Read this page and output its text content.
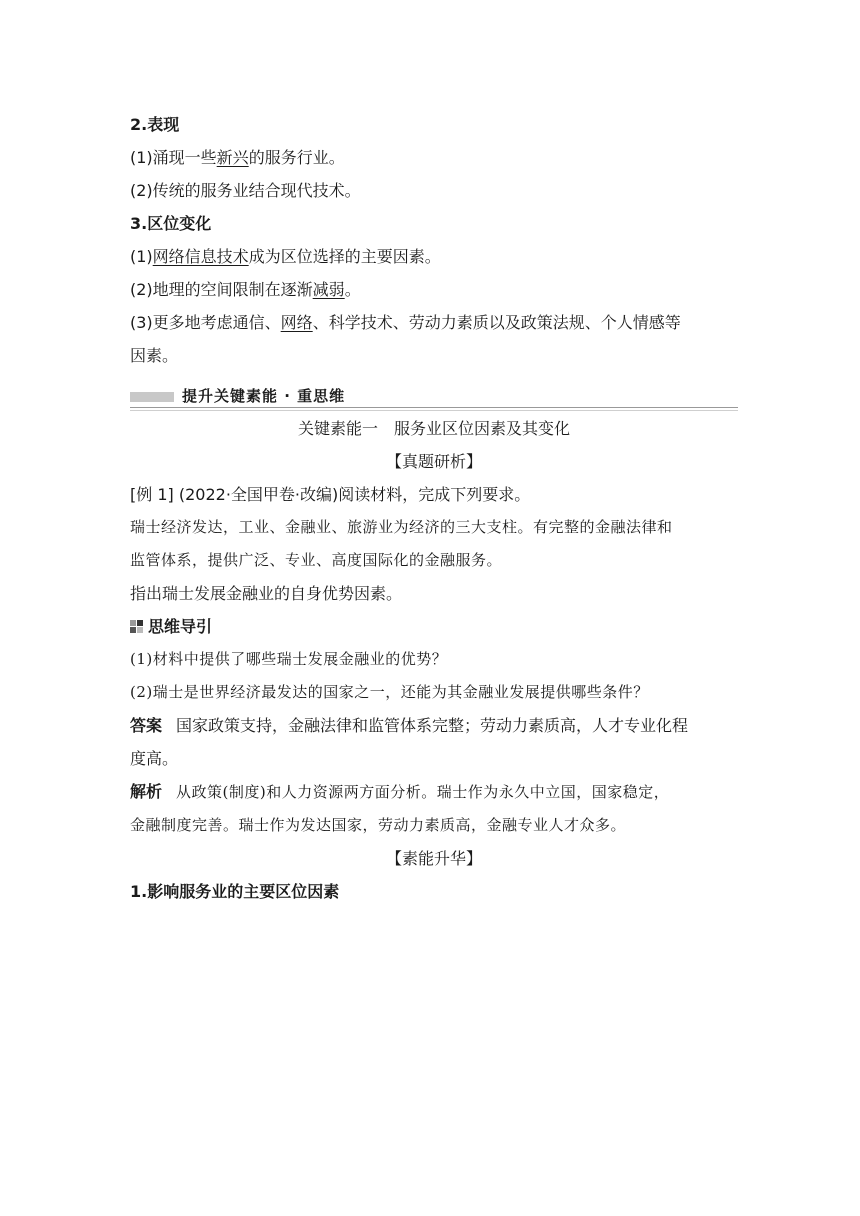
2.表现
(1)涌现一些新兴的服务行业。
(2)传统的服务业结合现代技术。
3.区位变化
(1)网络信息技术成为区位选择的主要因素。
(2)地理的空间限制在逐渐减弱。
(3)更多地考虑通信、网络、科学技术、劳动力素质以及政策法规、个人情感等
因素。
提升关键素能 · 重思维
关键素能一　服务业区位因素及其变化
【真题研析】
[例 1] (2022·全国甲卷·改编)阅读材料，完成下列要求。
瑞士经济发达，工业、金融业、旅游业为经济的三大支柱。有完整的金融法律和
监管体系，提供广泛、专业、高度国际化的金融服务。
指出瑞士发展金融业的自身优势因素。
思维导引
(1)材料中提供了哪些瑞士发展金融业的优势？
(2)瑞士是世界经济最发达的国家之一，还能为其金融业发展提供哪些条件？
答案 国家政策支持，金融法律和监管体系完整；劳动力素质高，人才专业化程
度高。
解析 从政策(制度)和人力资源两方面分析。瑞士作为永久中立国，国家稳定，
金融制度完善。瑞士作为发达国家，劳动力素质高，金融专业人才众多。
【素能升华】
1.影响服务业的主要区位因素
